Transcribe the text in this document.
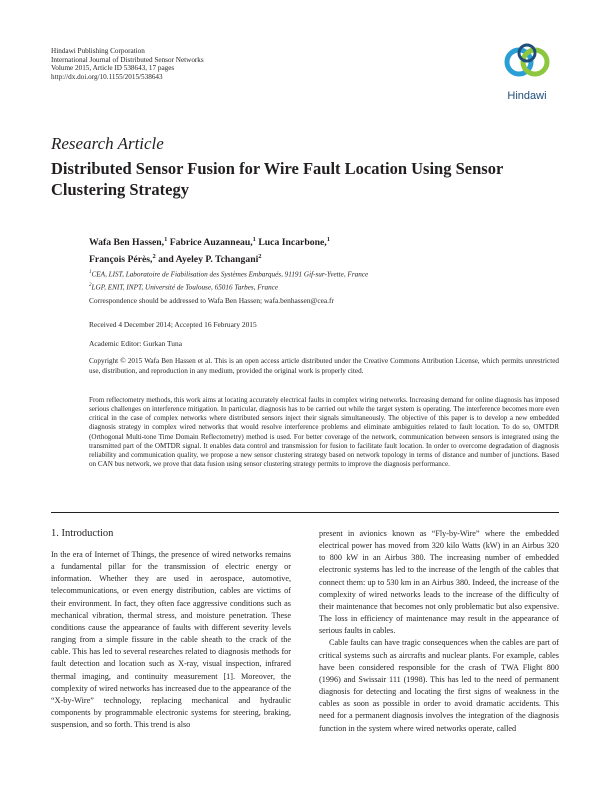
Hindawi Publishing Corporation
International Journal of Distributed Sensor Networks
Volume 2015, Article ID 538643, 17 pages
http://dx.doi.org/10.1155/2015/538643
Hindawi
Research Article
Distributed Sensor Fusion for Wire Fault Location Using Sensor Clustering Strategy
Wafa Ben Hassen,$^1$ Fabrice Auzanneau,$^1$ Luca Incarbone,$^1$
François Pérès,$^2$ and Ayeley P. Tchangani$^2$
$^1$CEA, LIST, Laboratoire de Fiabilisation des Systèmes Embarqués, 91191 Gif-sur-Yvette, France
$^2$LGP, ENIT, INPT, Université de Toulouse, 65016 Tarbes, France
Correspondence should be addressed to Wafa Ben Hassen; wafa.benhassen@cea.fr
Received 4 December 2014; Accepted 16 February 2015
Academic Editor: Gurkan Tuna
Copyright © 2015 Wafa Ben Hassen et al. This is an open access article distributed under the Creative Commons Attribution License, which permits unrestricted use, distribution, and reproduction in any medium, provided the original work is properly cited.
From reflectometry methods, this work aims at locating accurately electrical faults in complex wiring networks. Increasing demand for online diagnosis has imposed serious challenges on interference mitigation. In particular, diagnosis has to be carried out while the target system is operating. The interference becomes more even critical in the case of complex networks where distributed sensors inject their signals simultaneously. The objective of this paper is to develop a new embedded diagnosis strategy in complex wired networks that would resolve interference problems and eliminate ambiguities related to fault location. To do so, OMTDR (Orthogonal Multi-tone Time Domain Reflectometry) method is used. For better coverage of the network, communication between sensors is integrated using the transmitted part of the OMTDR signal. It enables data control and transmission for fusion to facilitate fault location. In order to overcome degradation of diagnosis reliability and communication quality, we propose a new sensor clustering strategy based on network topology in terms of distance and number of junctions. Based on CAN bus network, we prove that data fusion using sensor clustering strategy permits to improve the diagnosis performance.
1. Introduction

In the era of Internet of Things, the presence of wired networks remains a fundamental pillar for the transmission of electric energy or information. Whether they are used in aerospace, automotive, telecommunications, or even energy distribution, cables are victims of their environment. In fact, they often face aggressive conditions such as mechanical vibration, thermal stress, and moisture penetration. These conditions cause the appearance of faults with different severity levels ranging from a simple fissure in the cable sheath to the crack of the cable. This has led to several researches related to diagnosis methods for fault detection and location such as X-ray, visual inspection, infrared thermal imaging, and continuity measurement [1]. Moreover, the complexity of wired networks has increased due to the appearance of the “X-by-Wire” technology, replacing mechanical and hydraulic components by programmable electronic systems for steering, braking, suspension, and so forth. This trend is also

present in avionics known as “Fly-by-Wire” where the embedded electrical power has moved from 320 kilo Watts (kW) in an Airbus 320 to 800 kW in an Airbus 380. The increasing number of embedded electronic systems has led to the increase of the length of the cables that connect them: up to 530 km in an Airbus 380. Indeed, the increase of the complexity of wired networks leads to the increase of the difficulty of their maintenance that becomes not only problematic but also expensive. The loss in efficiency of maintenance may result in the appearance of serious faults in cables.

Cable faults can have tragic consequences when the cables are part of critical systems such as aircrafts and nuclear plants. For example, cables have been considered responsible for the crash of TWA Flight 800 (1996) and Swissair 111 (1998). This has led to the need of permanent diagnosis for detecting and locating the first signs of weakness in the cables as soon as possible in order to avoid dramatic accidents. This need for a permanent diagnosis involves the integration of the diagnosis function in the system where wired networks operate, called
